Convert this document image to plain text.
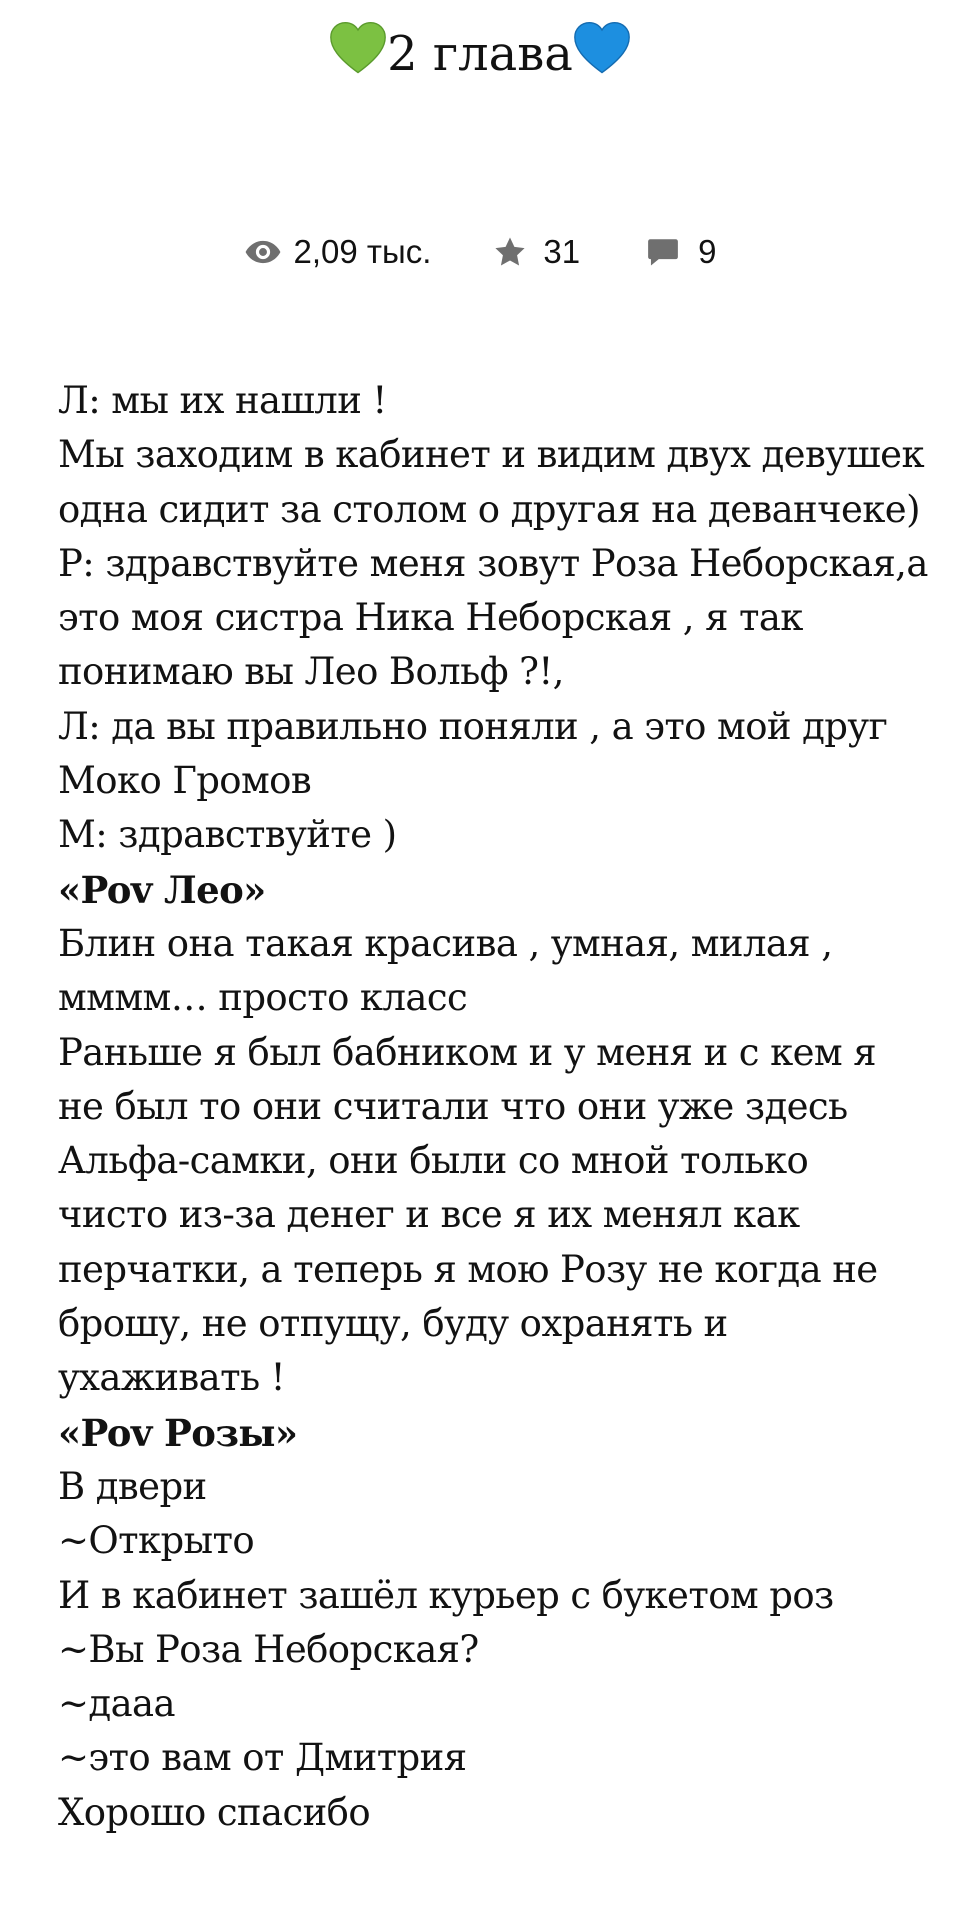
2 глава
2,09 тыс.	31	9

Л: мы их нашли !

Мы заходим в кабинет и видим двух девушек одна сидит за столом о другая на деванчеке)

Р: здравствуйте меня зовут Роза Неборская,а это моя систра Ника Неборская , я так понимаю вы Лео Вольф ?!,

Л: да вы правильно поняли , а это мой друг Моко Громов

М: здравствуйте )

«Pov Лео»

Блин она такая красива , умная, милая , мммм… просто класс

Раньше я был бабником и у меня и с кем я не был то они считали что они уже здесь Альфа-самки, они были со мной только чисто из-за денег и все я их менял как перчатки, а теперь я мою Розу не когда не брошу, не отпущу, буду охранять и ухаживать !

«Pov Розы»

В двери

~Открыто

И в кабинет зашёл курьер с букетом роз

~Вы Роза Неборская?

~дааа

~это вам от Дмитрия

Хорошо спасибо
